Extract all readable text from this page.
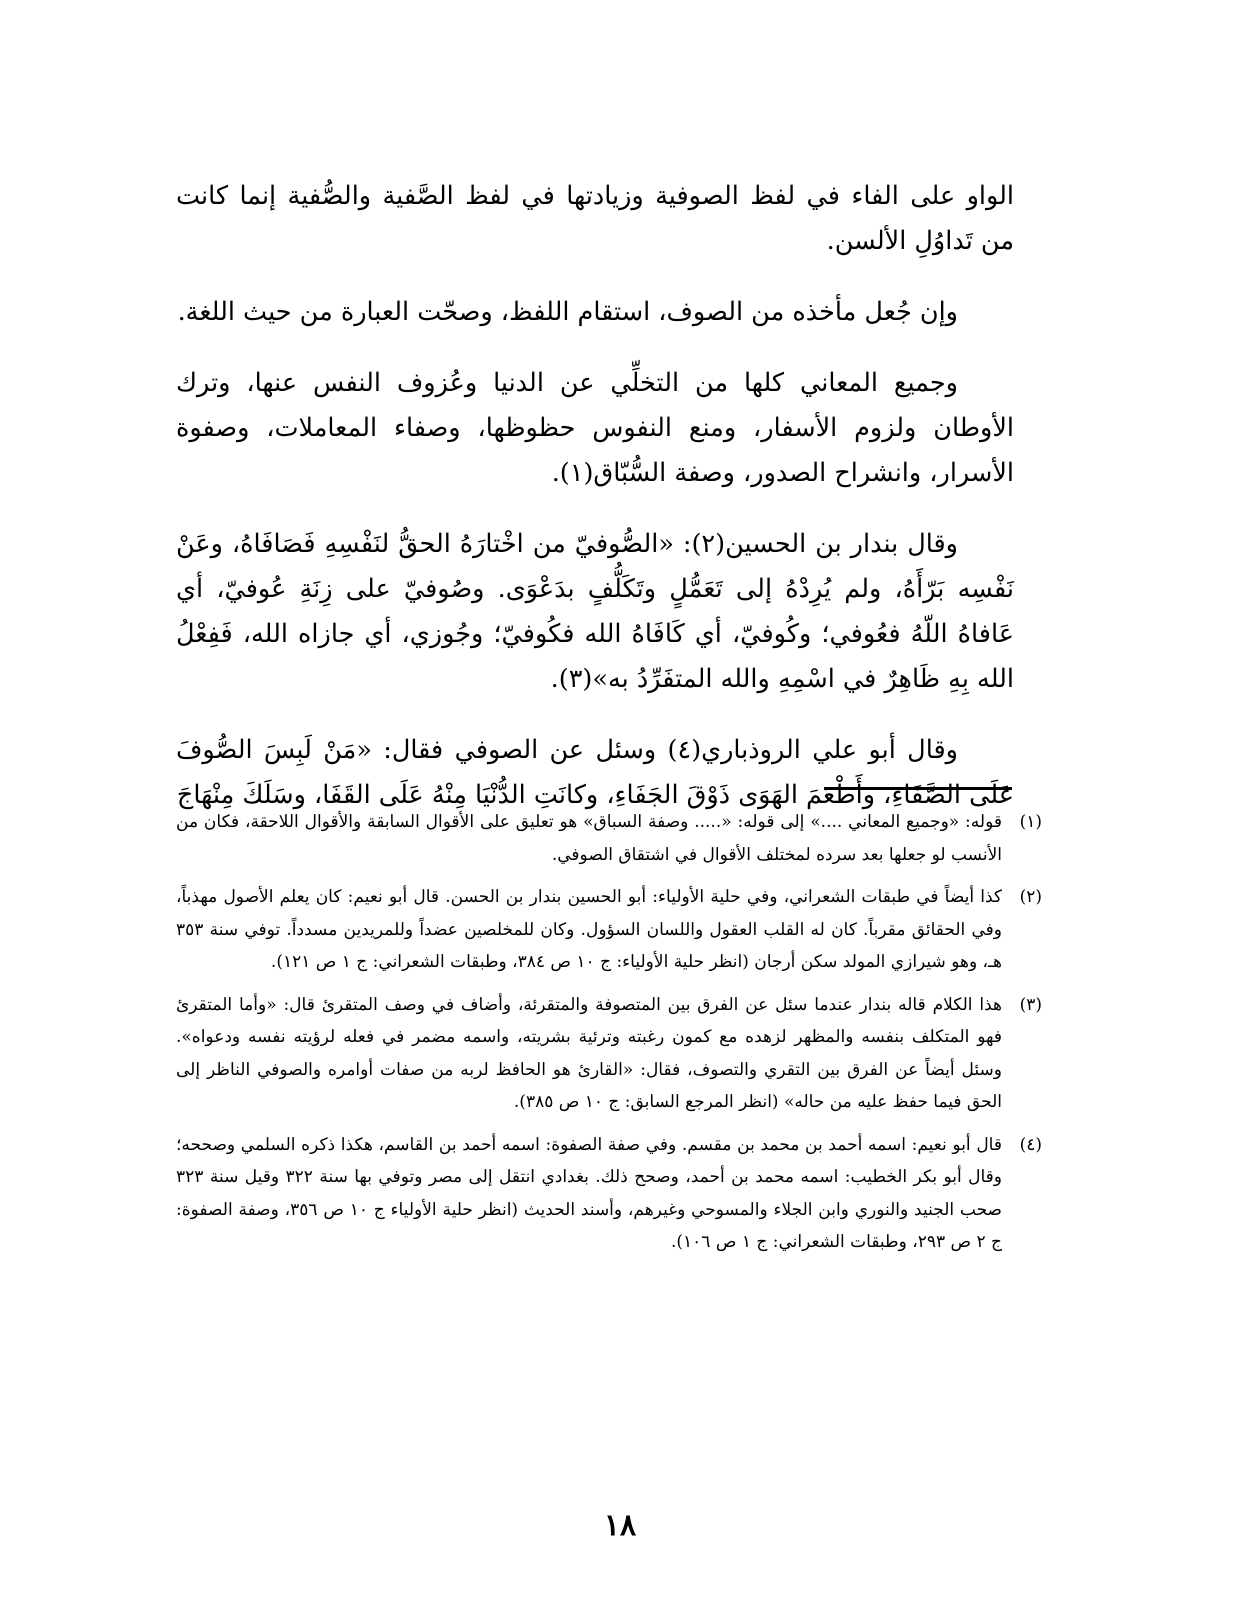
الواو على الفاء في لفظ الصوفية وزيادتها في لفظ الصَّفية والصُّفية إنما كانت من تَداوُلِ الألسن.

وإن جُعل مأخذه من الصوف، استقام اللفظ، وصحّت العبارة من حيث اللغة.

وجميع المعاني كلها من التخلِّي عن الدنيا وعُزوف النفس عنها، وترك الأوطان ولزوم الأسفار، ومنع النفوس حظوظها، وصفاء المعاملات، وصفوة الأسرار، وانشراح الصدور، وصفة السُّبّاق(١).

وقال بندار بن الحسين(٢): «الصُّوفيّ من اخْتارَهُ الحقُّ لنَفْسِهِ فَصَافَاهُ، وعَنْ نَفْسِه بَرّأَهُ، ولم يُرِدْهُ إلى تَعَمُّلٍ وتَكَلُّفٍ بدَعْوَى. وصُوفيّ على زِنَةِ عُوفيّ، أي عَافاهُ اللّهُ فعُوفي؛ وكُوفيّ، أي كَافَاهُ الله فكُوفيّ؛ وجُوزي، أي جازاه الله، فَفِعْلُ الله بِهِ ظَاهِرٌ في اسْمِهِ والله المتفَرِّدُ به»(٣).

وقال أبو علي الروذباري(٤) وسئل عن الصوفي فقال: «مَنْ لَبِسَ الصُّوفَ عَلَى الصَّفَاءِ، وأَطْعَمَ الهَوَى ذَوْقَ الجَفَاءِ، وكانَتِ الدُّنْيَا مِنْهُ عَلَى القَفَا، وسَلَكَ مِنْهَاجَ

(١)
قوله: «وجميع المعاني ....» إلى قوله: «..... وصفة السباق» هو تعليق على الأقوال السابقة والأقوال اللاحقة، فكان من الأنسب لو جعلها بعد سرده لمختلف الأقوال في اشتقاق الصوفي.
(٢)
كذا أيضاً في طبقات الشعراني، وفي حلية الأولياء: أبو الحسين بندار بن الحسن. قال أبو نعيم: كان يعلم الأصول مهذباً، وفي الحقائق مقرباً. كان له القلب العقول واللسان السؤول. وكان للمخلصين عضداً وللمريدين مسدداً. توفي سنة ٣٥٣ هـ، وهو شيرازي المولد سكن أرجان (انظر حلية الأولياء: ج ١٠ ص ٣٨٤، وطبقات الشعراني: ج ١ ص ١٢١).
(٣)
هذا الكلام قاله بندار عندما سئل عن الفرق بين المتصوفة والمتقرئة، وأضاف في وصف المتقرئ قال: «وأما المتقرئ فهو المتكلف بنفسه والمظهر لزهده مع كمون رغبته وترئية بشريته، واسمه مضمر في فعله لرؤيته نفسه ودعواه». وسئل أيضاً عن الفرق بين التقري والتصوف، فقال: «القارئ هو الحافظ لربه من صفات أوامره والصوفي الناظر إلى الحق فيما حفظ عليه من حاله» (انظر المرجع السابق: ج ١٠ ص ٣٨٥).
(٤)
قال أبو نعيم: اسمه أحمد بن محمد بن مقسم. وفي صفة الصفوة: اسمه أحمد بن القاسم، هكذا ذكره السلمي وصححه؛ وقال أبو بكر الخطيب: اسمه محمد بن أحمد، وصحح ذلك. بغدادي انتقل إلى مصر وتوفي بها سنة ٣٢٢ وقيل سنة ٣٢٣ صحب الجنيد والنوري وابن الجلاء والمسوحي وغيرهم، وأسند الحديث (انظر حلية الأولياء ج ١٠ ص ٣٥٦، وصفة الصفوة: ج ٢ ص ٢٩٣، وطبقات الشعراني: ج ١ ص ١٠٦).
١٨
